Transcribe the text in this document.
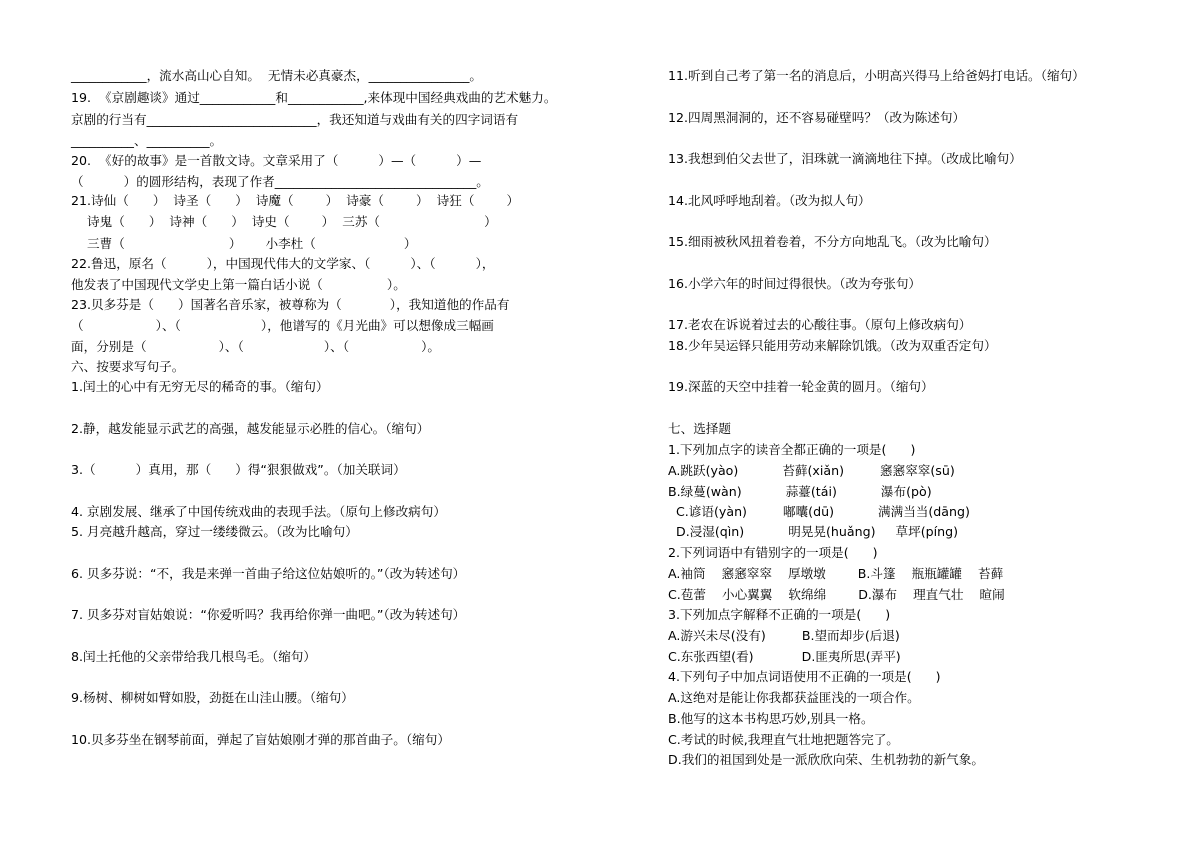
____________，流水高山心自知。  无情未必真豪杰，________________。
19.  《京剧趣谈》通过____________和____________,来体现中国经典戏曲的艺术魅力。
京剧的行当有___________________________，我还知道与戏曲有关的四字词语有
__________、__________。
20.  《好的故事》是一首散文诗。文章采用了（          ）—（          ）—
（          ）的圆形结构，表现了作者________________________________。
21.诗仙（      ）  诗圣（      ）  诗魔（        ）  诗豪（        ）  诗狂（        ）
诗鬼（      ）  诗神（      ）  诗史（        ）  三苏（                          ）
三曹（                          ）      小李杜（                      ）
22.鲁迅，原名（          ），中国现代伟大的文学家、（          ）、（          ），
他发表了中国现代文学史上第一篇白话小说（                ）。
23.贝多芬是（      ）国著名音乐家，被尊称为（            ），我知道他的作品有
（                  ）、（                    ），他谱写的《月光曲》可以想像成三幅画
面，分别是（                  ）、（                    ）、（                  ）。
六、按要求写句子。
1.闰土的心中有无穷无尽的稀奇的事。（缩句）
2.静，越发能显示武艺的高强，越发能显示必胜的信心。（缩句）
3.（          ）真用，那（      ）得“狠狠做戏”。（加关联词）
4. 京剧发展、继承了中国传统戏曲的表现手法。（原句上修改病句）
5. 月亮越升越高，穿过一缕缕微云。（改为比喻句）
6. 贝多芬说：“不，我是来弹一首曲子给这位姑娘听的。”（改为转述句）
7. 贝多芬对盲姑娘说：“你爱听吗？我再给你弹一曲吧。”（改为转述句）
8.闰土托他的父亲带给我几根鸟毛。（缩句）
9.杨树、柳树如臂如股，劲挺在山洼山腰。（缩句）
10.贝多芬坐在钢琴前面，弹起了盲姑娘刚才弹的那首曲子。（缩句）
11.听到自己考了第一名的消息后，小明高兴得马上给爸妈打电话。（缩句）
12.四周黑洞洞的，还不容易碰壁吗？（改为陈述句）
13.我想到伯父去世了，泪珠就一滴滴地往下掉。（改成比喻句）
14.北风呼呼地刮着。（改为拟人句）
15.细雨被秋风扭着卷着，不分方向地乱飞。（改为比喻句）
16.小学六年的时间过得很快。（改为夸张句）
17.老农在诉说着过去的心酸往事。（原句上修改病句）
18.少年吴运铎只能用劳动来解除饥饿。（改为双重否定句）
19.深蓝的天空中挂着一轮金黄的圆月。（缩句）
七、选择题
1.下列加点字的读音全都正确的一项是(      )
A.跳跃(yào)           苔藓(xiǎn)         窸窸窣窣(sū)
B.绿蔓(wàn)           蒜薹(tái)           瀑布(pò)
C.谚语(yàn)         嘟囔(dū)           满满当当(dāng)
D.浸湿(qìn)           明晃晃(huǎng)     草坪(píng)
2.下列词语中有错别字的一项是(      )
A.袖筒    窸窸窣窣    厚墩墩        B.斗篷    瓶瓶罐罐    苔藓
C.苞蕾    小心翼翼    软绵绵        D.瀑布    理直气壮    暄闹
3.下列加点字解释不正确的一项是(      )
A.游兴未尽(没有)         B.望而却步(后退)
C.东张西望(看)            D.匪夷所思(弄平)
4.下列句子中加点词语使用不正确的一项是(      )
A.这绝对是能让你我都获益匪浅的一项合作。
B.他写的这本书构思巧妙,别具一格。
C.考试的时候,我理直气壮地把题答完了。
D.我们的祖国到处是一派欣欣向荣、生机勃勃的新气象。
